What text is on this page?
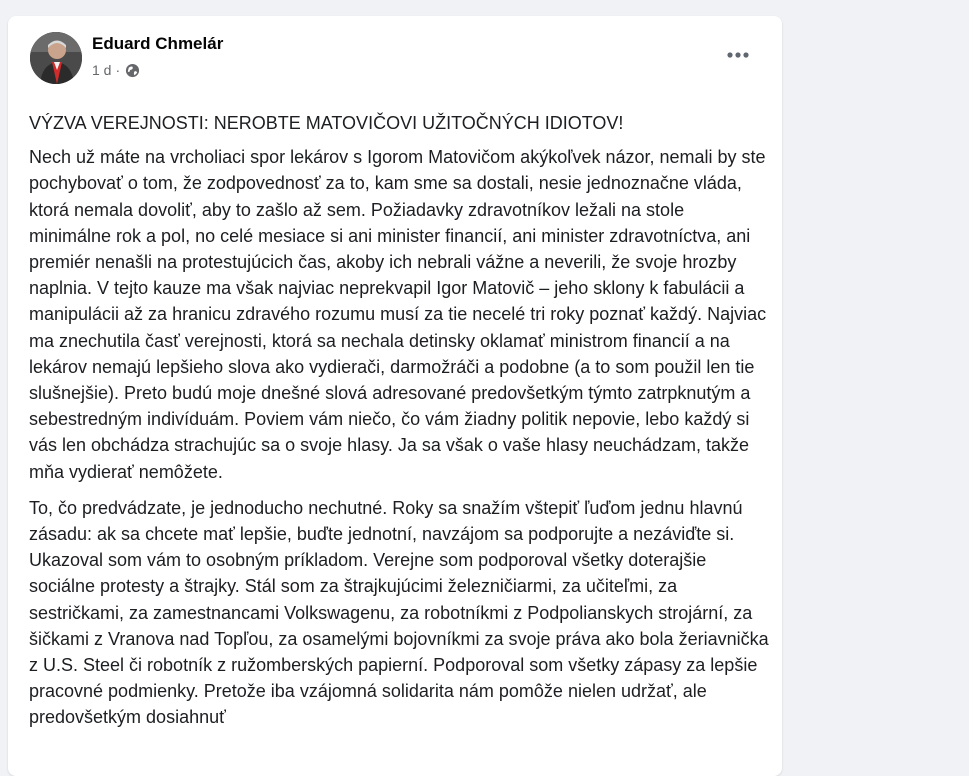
Eduard Chmelár
1 d ·

VÝZVA VEREJNOSTI: NEROBTE MATOVIČOVI UŽITOČNÝCH IDIOTOV!

Nech už máte na vrcholiaci spor lekárov s Igorom Matovičom akýkoľvek názor, nemali by ste pochybovať o tom, že zodpovednosť za to, kam sme sa dostali, nesie jednoznačne vláda, ktorá nemala dovoliť, aby to zašlo až sem. Požiadavky zdravotníkov ležali na stole minimálne rok a pol, no celé mesiace si ani minister financií, ani minister zdravotníctva, ani premiér nenašli na protestujúcich čas, akoby ich nebrali vážne a neverili, že svoje hrozby naplnia. V tejto kauze ma však najviac neprekvapil Igor Matovič – jeho sklony k fabulácii a manipulácii až za hranicu zdravého rozumu musí za tie necelé tri roky poznať každý. Najviac ma znechutila časť verejnosti, ktorá sa nechala detinsky oklamať ministrom financií a na lekárov nemajú lepšieho slova ako vydierači, darmožráči a podobne (a to som použil len tie slušnejšie). Preto budú moje dnešné slová adresované predovšetkým týmto zatrpknutým a sebestredným indivíduám. Poviem vám niečo, čo vám žiadny politik nepovie, lebo každý si vás len obchádza strachujúc sa o svoje hlasy. Ja sa však o vaše hlasy neuchádzam, takže mňa vydierať nemôžete.

To, čo predvádzate, je jednoducho nechutné. Roky sa snažím vštepiť ľuďom jednu hlavnú zásadu: ak sa chcete mať lepšie, buďte jednotní, navzájom sa podporujte a nezáviďte si. Ukazoval som vám to osobným príkladom. Verejne som podporoval všetky doterajšie sociálne protesty a štrajky. Stál som za štrajkujúcimi železničiarmi, za učiteľmi, za sestričkami, za zamestnancami Volkswagenu, za robotníkmi z Podpolianskych strojární, za šičkami z Vranova nad Topľou, za osamelými bojovníkmi za svoje práva ako bola žeriavnička z U.S. Steel či robotník z ružomberských papierní. Podporoval som všetky zápasy za lepšie pracovné podmienky. Pretože iba vzájomná solidarita nám pomôže nielen udržať, ale predovšetkým dosiahnuť
